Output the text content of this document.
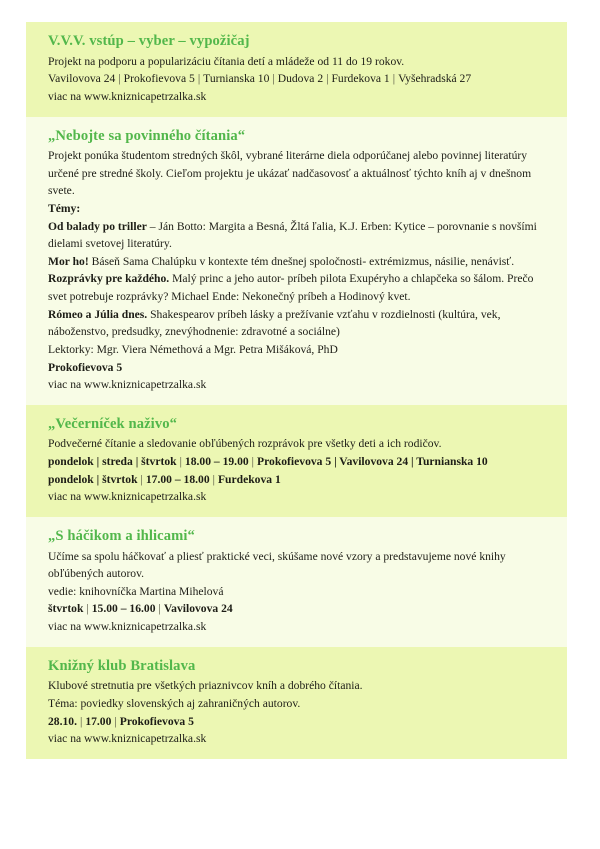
V.V.V. vstúp – vyber – vypožičaj

Projekt na podporu a popularizáciu čítania detí a mládeže od 11 do 19 rokov.

Vavilovova 24 | Prokofievova 5 | Turnianska 10 | Dudova 2 | Furdekova 1 | Vyšehradská 27

viac na www.kniznicapetrzalka.sk

„Nebojte sa povinného čítania“

Projekt ponúka študentom stredných škôl, vybrané literárne diela odporúčanej alebo povinnej literatúry určené pre stredné školy. Cieľom projektu je ukázať nadčasovosť a aktuálnosť týchto kníh aj v dnešnom svete.

Témy:

Od balady po triller – Ján Botto: Margita a Besná, Žltá ľalia, K.J. Erben: Kytice – porovnanie s novšími dielami svetovej literatúry.

Mor ho! Báseň Sama Chalúpku v kontexte tém dnešnej spoločnosti- extrémizmus, násilie, nenávisť.

Rozprávky pre každého. Malý princ a jeho autor- príbeh pilota Exupéryho a chlapčeka so šálom. Prečo svet potrebuje rozprávky? Michael Ende: Nekonečný príbeh a Hodinový kvet.

Rómeo a Júlia dnes. Shakespearov príbeh lásky a prežívanie vzťahu v rozdielnosti (kultúra, vek, náboženstvo, predsudky, znevýhodnenie: zdravotné a sociálne)

Lektorky: Mgr. Viera Némethová a Mgr. Petra Mišáková, PhD

Prokofievova 5

viac na www.kniznicapetrzalka.sk

„Večerníček naživo“

Podvečerné čítanie a sledovanie obľúbených rozprávok pre všetky deti a ich rodičov.

pondelok | streda | štvrtok | 18.00 – 19.00 | Prokofievova 5 | Vavilovova 24 | Turnianska 10

pondelok | štvrtok | 17.00 – 18.00 | Furdekova 1

viac na www.kniznicapetrzalka.sk

„S háčikom a ihlicami“

Učíme sa spolu háčkovať a pliesť praktické veci, skúšame nové vzory a predstavujeme nové knihy obľúbených autorov.

vedie: knihovníčka Martina Mihelová

štvrtok | 15.00 – 16.00 | Vavilovova 24

viac na www.kniznicapetrzalka.sk

Knižný klub Bratislava

Klubové stretnutia pre všetkých priaznivcov kníh a dobrého čítania.

Téma: poviedky slovenských aj zahraničných autorov.

28.10. | 17.00 | Prokofievova 5

viac na www.kniznicapetrzalka.sk
